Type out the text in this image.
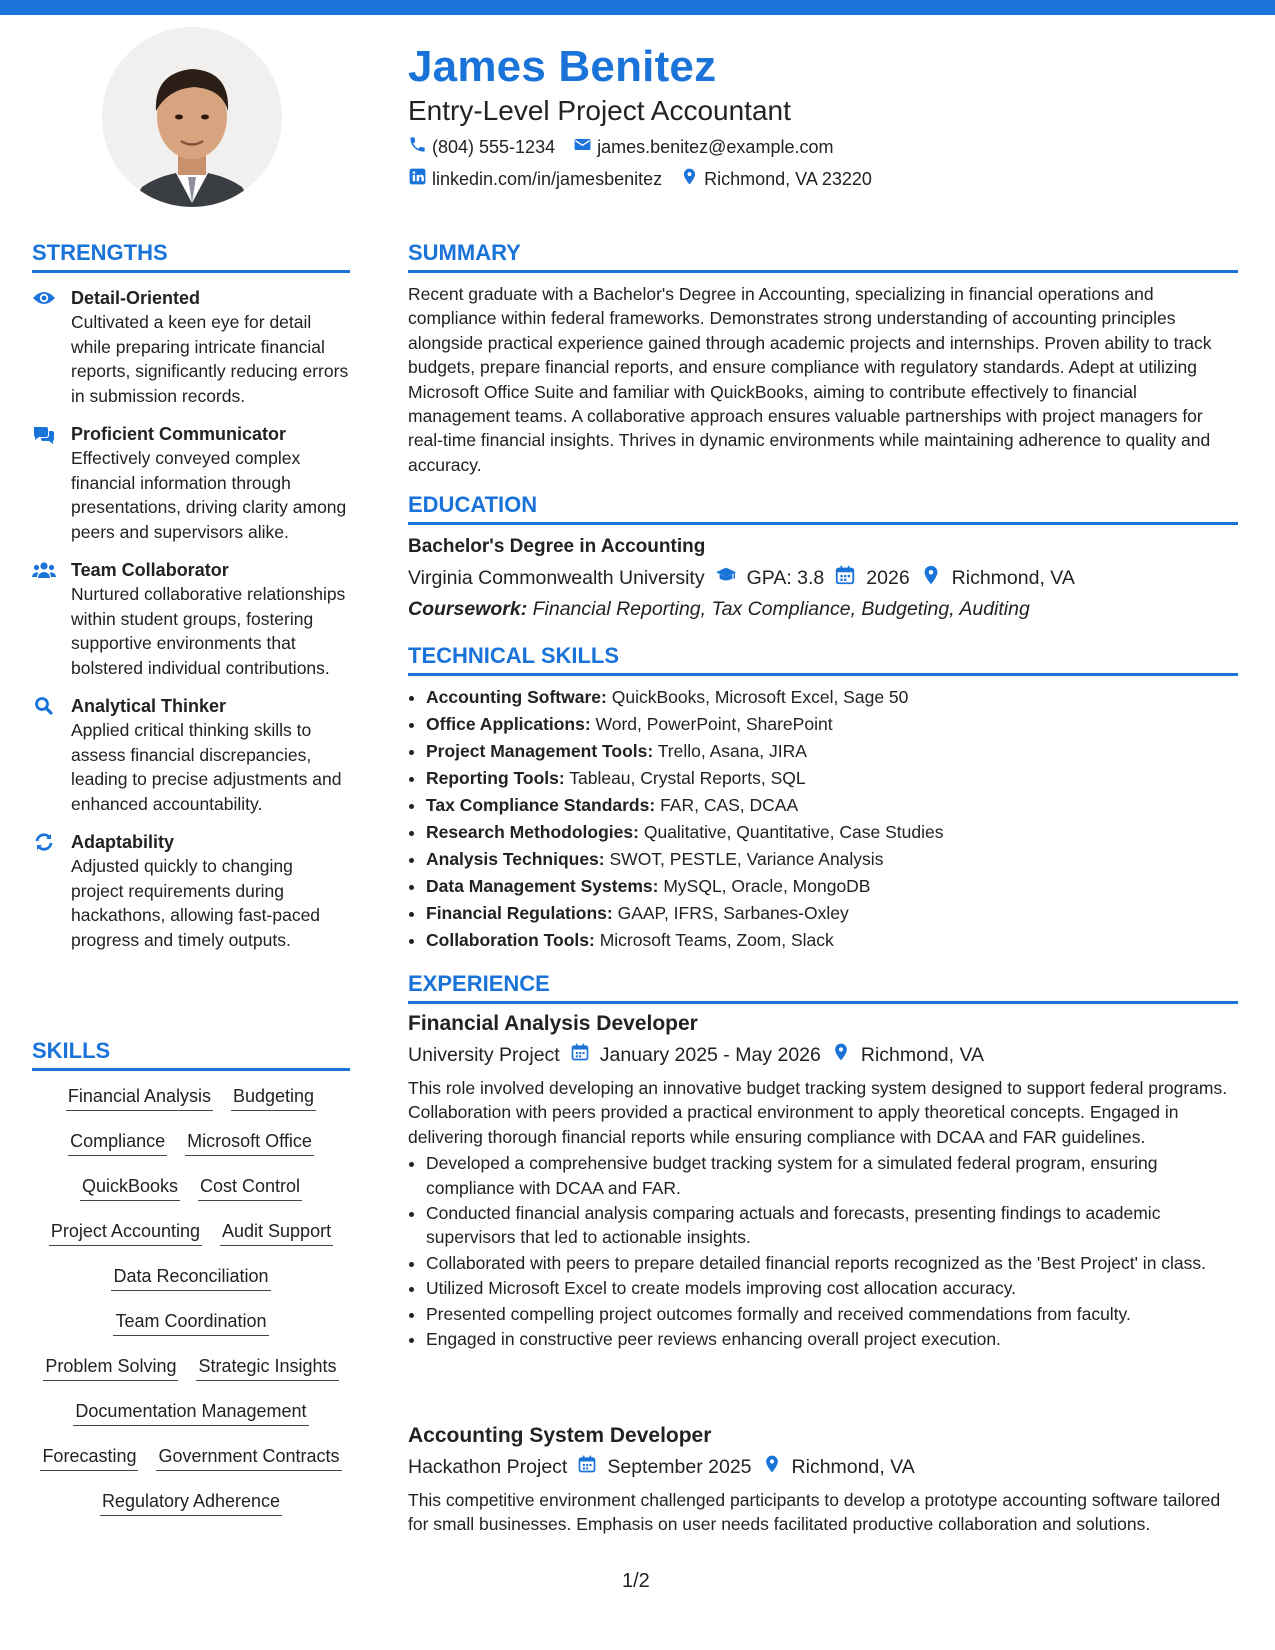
James Benitez
Entry-Level Project Accountant
(804) 555-1234 james.benitez@example.com
linkedin.com/in/jamesbenitez Richmond, VA 23220
STRENGTHS
Detail-Oriented
Cultivated a keen eye for detail while preparing intricate financial reports, significantly reducing errors in submission records.
Proficient Communicator
Effectively conveyed complex financial information through presentations, driving clarity among peers and supervisors alike.
Team Collaborator
Nurtured collaborative relationships within student groups, fostering supportive environments that bolstered individual contributions.
Analytical Thinker
Applied critical thinking skills to assess financial discrepancies, leading to precise adjustments and enhanced accountability.
Adaptability
Adjusted quickly to changing project requirements during hackathons, allowing fast-paced progress and timely outputs.
SKILLS
Financial Analysis Budgeting
Compliance Microsoft Office
QuickBooks Cost Control
Project Accounting Audit Support
Data Reconciliation
Team Coordination
Problem Solving Strategic Insights
Documentation Management
Forecasting Government Contracts
Regulatory Adherence
SUMMARY
Recent graduate with a Bachelor's Degree in Accounting, specializing in financial operations and compliance within federal frameworks. Demonstrates strong understanding of accounting principles alongside practical experience gained through academic projects and internships. Proven ability to track budgets, prepare financial reports, and ensure compliance with regulatory standards. Adept at utilizing Microsoft Office Suite and familiar with QuickBooks, aiming to contribute effectively to financial management teams. A collaborative approach ensures valuable partnerships with project managers for real-time financial insights. Thrives in dynamic environments while maintaining adherence to quality and accuracy.
EDUCATION
Bachelor's Degree in Accounting
Virginia Commonwealth University GPA: 3.8 2026 Richmond, VA
Coursework: Financial Reporting, Tax Compliance, Budgeting, Auditing
TECHNICAL SKILLS
• Accounting Software: QuickBooks, Microsoft Excel, Sage 50
• Office Applications: Word, PowerPoint, SharePoint
• Project Management Tools: Trello, Asana, JIRA
• Reporting Tools: Tableau, Crystal Reports, SQL
• Tax Compliance Standards: FAR, CAS, DCAA
• Research Methodologies: Qualitative, Quantitative, Case Studies
• Analysis Techniques: SWOT, PESTLE, Variance Analysis
• Data Management Systems: MySQL, Oracle, MongoDB
• Financial Regulations: GAAP, IFRS, Sarbanes-Oxley
• Collaboration Tools: Microsoft Teams, Zoom, Slack
EXPERIENCE
Financial Analysis Developer
University Project January 2025 - May 2026 Richmond, VA
This role involved developing an innovative budget tracking system designed to support federal programs. Collaboration with peers provided a practical environment to apply theoretical concepts. Engaged in delivering thorough financial reports while ensuring compliance with DCAA and FAR guidelines.
• Developed a comprehensive budget tracking system for a simulated federal program, ensuring compliance with DCAA and FAR.
• Conducted financial analysis comparing actuals and forecasts, presenting findings to academic supervisors that led to actionable insights.
• Collaborated with peers to prepare detailed financial reports recognized as the 'Best Project' in class.
• Utilized Microsoft Excel to create models improving cost allocation accuracy.
• Presented compelling project outcomes formally and received commendations from faculty.
• Engaged in constructive peer reviews enhancing overall project execution.
Accounting System Developer
Hackathon Project September 2025 Richmond, VA
This competitive environment challenged participants to develop a prototype accounting software tailored for small businesses. Emphasis on user needs facilitated productive collaboration and solutions.
1/2
